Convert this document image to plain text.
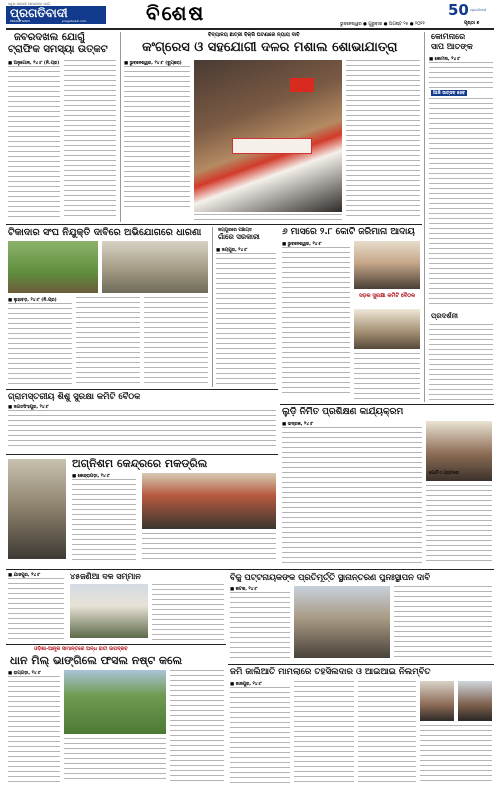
ସବୁର କାହାଣୀ ଆପଣଙ୍କ ପାଇଁ
ପ୍ରଗତିବାଦୀ
PRAGATIVADI	pragativadi.com	ବିଶେଷ	50 ପ୍ରଗତିବାଦୀ
ଭୁବନେଶ୍ୱର ● ଗୁରୁବାର ● ଅଗଷ୍ଟ ୨୫ ● ୨୦୨୨	ପୃଷ୍ଠା ୭
ଜବରଦଖଲ ଯୋଗୁଁ
ଟ୍ରାଫିକ ସମସ୍ୟା ଉତ୍କଟ
■ ଅନୁଗୋଳ, ୨୪।୮ (ନି.ପ୍ର)
ବିଦ୍ୟାଳୟ ଛାତ୍ରୀ ବିକ୍ରି ଘଟଣାରେ ନ୍ୟାୟ ଦାବି
କଂଗ୍ରେସ ଓ ସହଯୋଗୀ ଦଳର ମଶାଲ ଶୋଭାଯାତ୍ରା
■ ଭୁବନେଶ୍ୱର, ୨୪।୮ (ବ୍ୟୁରୋ)
କୋମନାରେ
ସାପ ଆତଙ୍କ
■ କୋମନା, ୨୪।୮
ଆଜି ଉତ୍ସବ ହେବ
ପ୍ରଦର୍ଶନୀ
ଟିକାଦାର ସଂଘ ନିଯୁକ୍ତି ଦାବିରେ ଅଭିଯୋଗରେ ଧାରଣା
■ ଲୁହାବଡ଼, ୨୪।୮ (ନି.ପ୍ର)
ଜୟପୁରରେ ପଞ୍ଚାୟତ
ଗାଁରେ ସରକାରୀ
■ ଜୟପୁର, ୨୪।୮
୬ ମାସରେ ୨.୮ କୋଟି ଜରିମାନା ଆଦାୟ
■ ଭୁବନେଶ୍ୱର, ୨୪।୮
ସଡ଼କ ସୁରକ୍ଷା କମିଟି ବୈଠକ
ଗ୍ରାମସ୍ତରୀୟ ଶିଶୁ ସୁରକ୍ଷା କମିଟି ବୈଠକ
■ ଜଗତସିଂହପୁର, ୨୪।୮
ଅଗ୍ନିଶମ କେନ୍ଦ୍ରରେ ମକଡ୍ରିଲ
■ କେନ୍ଦ୍ରାପଡ଼ା, ୨୪।୮
ଲୁଡ଼ି ନିର୍ମିତ ପ୍ରଶିକ୍ଷଣ କାର୍ଯ୍ୟକ୍ରମ
■ ଭଦ୍ରକ, ୨୪।୮
■ ଯାଜପୁର, ୨୪।୮	୪୫ଜଣିଆ ଦଳ ସମ୍ମାନ	ବିଜୁ ପଟ୍ଟନାୟକଙ୍କ ପ୍ରତିମୂର୍ତ୍ତି ସ୍ଥାନାନ୍ତରଣ ପୁନଃସ୍ଥାପନ ଦାବି
■ କଟକ, ୨୪।୮
ଓଡ଼ିଶା-ଆନ୍ଧ୍ର ସୀମାନ୍ତରେ ଅନ୍ଧ ହାତୀ ଉପଦ୍ରବ
ଧାନ ମିଲ୍ ଭାଙ୍ଗିଲେ ଫସଲ ନଷ୍ଟ କଲେ
■ ରାୟଗଡ଼ା, ୨୪।୮	ଜମି ଜାଲିଆତି ମାମଲାରେ ତହସିଲଦାର ଓ ଆଇଆଇ ନିଲମ୍ବିତ
■ ଜାଜପୁର, ୨୪।୮
ଗୋଟିଏ ଗ୍ରାମରେ
